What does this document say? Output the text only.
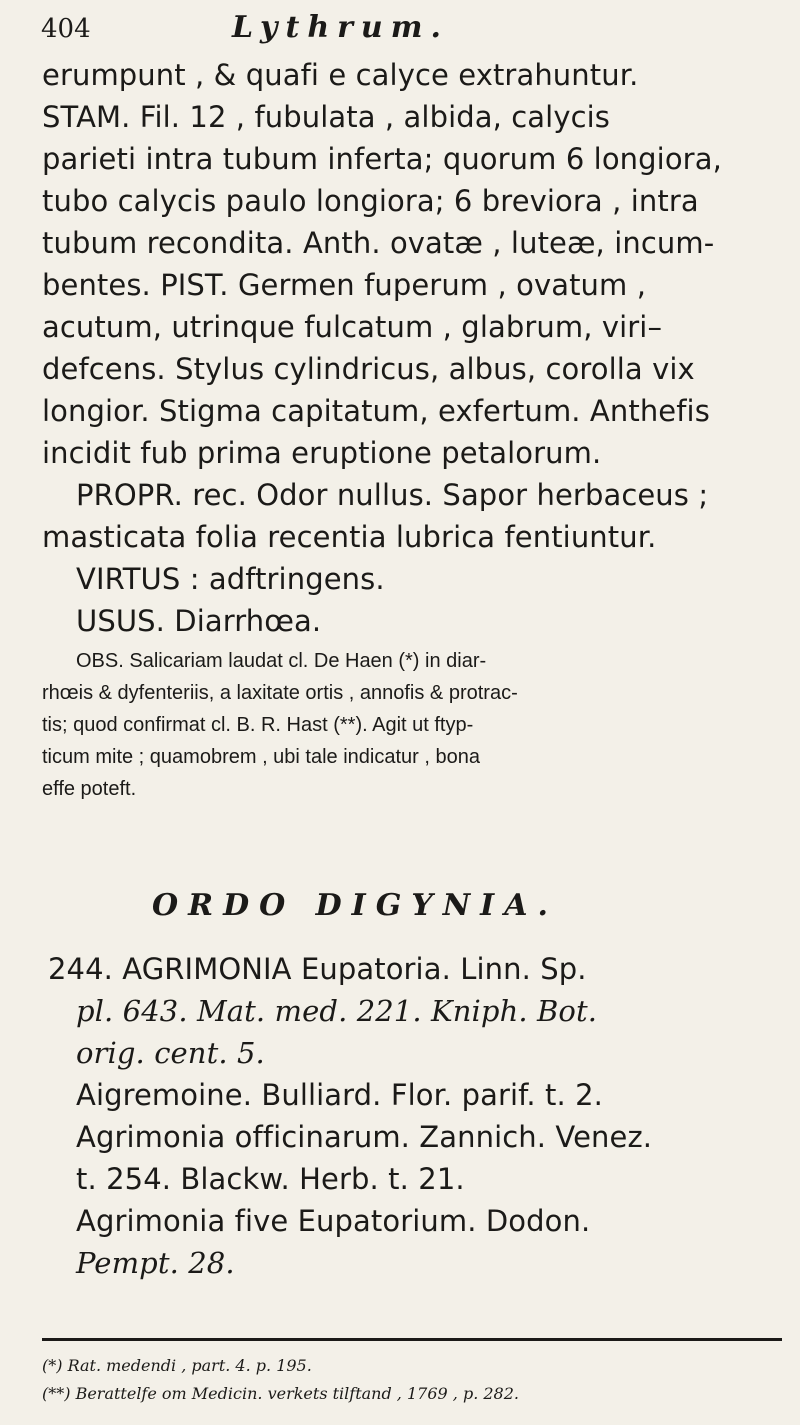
404	Lythrum.
erumpunt , & quafi e calyce extrahuntur.
STAM. Fil. 12 , fubulata , albida, calycis
parieti intra tubum inferta; quorum 6 longiora,
tubo calycis paulo longiora; 6 breviora , intra
tubum recondita. Anth. ovatæ , luteæ, incum-
bentes. PIST. Germen fuperum , ovatum ,
acutum, utrinque fulcatum , glabrum, viri–
defcens. Stylus cylindricus, albus, corolla vix
longior. Stigma capitatum, exfertum. Anthefis
incidit fub prima eruptione petalorum.
PROPR. rec. Odor nullus. Sapor herbaceus ;
masticata folia recentia lubrica fentiuntur.
VIRTUS : adftringens.
USUS. Diarrhœa.
OBS. Salicariam laudat cl. De Haen (*) in diar-
rhœis & dyfenteriis, a laxitate ortis , annofis & protrac-
tis; quod confirmat cl. B. R. Hast (**). Agit ut ftyp-
ticum mite ; quamobrem , ubi tale indicatur , bona
effe poteft.
ORDO DIGYNIA.
244. AGRIMONIA Eupatoria. Linn. Sp.
pl. 643. Mat. med. 221. Kniph. Bot.
orig. cent. 5.
Aigremoine. Bulliard. Flor. parif. t. 2.
Agrimonia officinarum. Zannich. Venez.
t. 254. Blackw. Herb. t. 21.
Agrimonia five Eupatorium. Dodon.
Pempt. 28.
(*) Rat. medendi , part. 4. p. 195.
(**) Berattelfe om Medicin. verkets tilftand , 1769 , p. 282.
